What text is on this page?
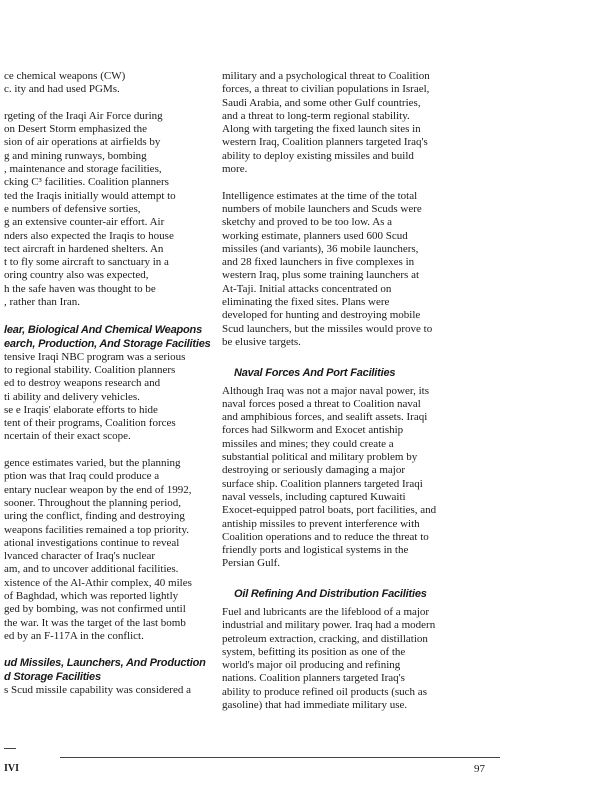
ce chemical weapons (CW)
c. ity and had used PGMs.
rgeting of the Iraqi Air Force during
on Desert Storm emphasized the
sion of air operations at airfields by
g and mining runways, bombing
, maintenance and storage facilities,
cking C³ facilities. Coalition planners
ted the Iraqis initially would attempt to
e numbers of defensive sorties,
g an extensive counter-air effort. Air
nders also expected the Iraqis to house
tect aircraft in hardened shelters. An
t to fly some aircraft to sanctuary in a
oring country also was expected,
h the safe haven was thought to be
, rather than Iran.
lear, Biological And Chemical Weapons
earch, Production, And Storage Facilities
tensive Iraqi NBC program was a serious
to regional stability. Coalition planners
ed to destroy weapons research and
ti ability and delivery vehicles.
se e Iraqis' elaborate efforts to hide
tent of their programs, Coalition forces
ncertain of their exact scope.
gence estimates varied, but the planning
ption was that Iraq could produce a
entary nuclear weapon by the end of 1992,
sooner. Throughout the planning period,
uring the conflict, finding and destroying
weapons facilities remained a top priority.
ational investigations continue to reveal
lvanced character of Iraq's nuclear
am, and to uncover additional facilities.
xistence of the Al-Athir complex, 40 miles
of Baghdad, which was reported lightly
ged by bombing, was not confirmed until
the war. It was the target of the last bomb
ed by an F-117A in the conflict.
ud Missiles, Launchers, And Production
d Storage Facilities
s Scud missile capability was considered a
military and a psychological threat to Coalition
forces, a threat to civilian populations in Israel,
Saudi Arabia, and some other Gulf countries,
and a threat to long-term regional stability.
Along with targeting the fixed launch sites in
western Iraq, Coalition planners targeted Iraq's
ability to deploy existing missiles and build
more.
Intelligence estimates at the time of the total
numbers of mobile launchers and Scuds were
sketchy and proved to be too low. As a
working estimate, planners used 600 Scud
missiles (and variants), 36 mobile launchers,
and 28 fixed launchers in five complexes in
western Iraq, plus some training launchers at
At-Taji. Initial attacks concentrated on
eliminating the fixed sites. Plans were
developed for hunting and destroying mobile
Scud launchers, but the missiles would prove to
be elusive targets.
Naval Forces And Port Facilities
Although Iraq was not a major naval power, its
naval forces posed a threat to Coalition naval
and amphibious forces, and sealift assets. Iraqi
forces had Silkworm and Exocet antiship
missiles and mines; they could create a
substantial political and military problem by
destroying or seriously damaging a major
surface ship. Coalition planners targeted Iraqi
naval vessels, including captured Kuwaiti
Exocet-equipped patrol boats, port facilities, and
antiship missiles to prevent interference with
Coalition operations and to reduce the threat to
friendly ports and logistical systems in the
Persian Gulf.
Oil Refining And Distribution Facilities
Fuel and lubricants are the lifeblood of a major
industrial and military power. Iraq had a modern
petroleum extraction, cracking, and distillation
system, befitting its position as one of the
world's major oil producing and refining
nations. Coalition planners targeted Iraq's
ability to produce refined oil products (such as
gasoline) that had immediate military use.
IVI	97
